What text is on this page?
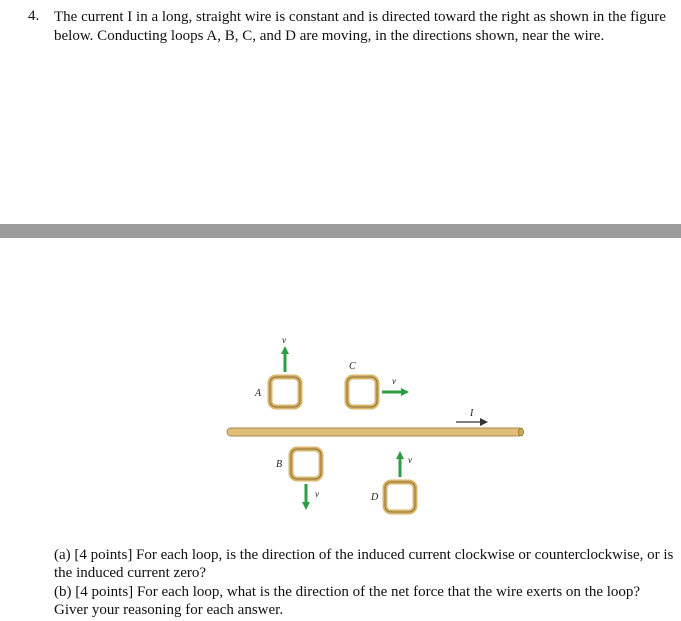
4. The current I in a long, straight wire is constant and is directed toward the right as shown in the figure below. Conducting loops A, B, C, and D are moving, in the directions shown, near the wire.
I
A
v
C
v
B
v	D
v
(a) [4 points] For each loop, is the direction of the induced current clockwise or counterclockwise, or is the induced current zero?
(b) [4 points] For each loop, what is the direction of the net force that the wire exerts on the loop? Giver your reasoning for each answer.
